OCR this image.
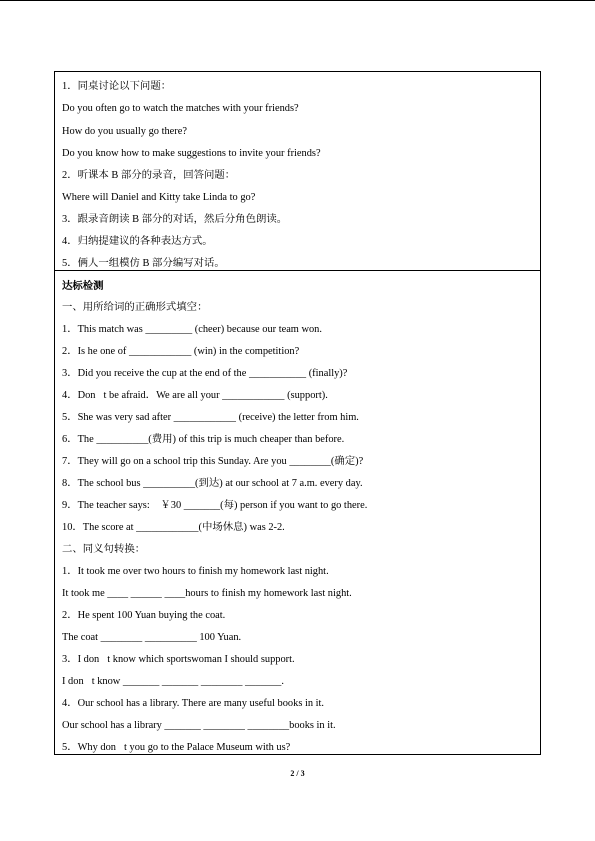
1．同桌讨论以下问题：
Do you often go to watch the matches with your friends?
How do you usually go there?
Do you know how to make suggestions to invite your friends?
2．听课本 B 部分的录音，回答问题：
Where will Daniel and Kitty take Linda to go?
3．跟录音朗读 B 部分的对话，然后分角色朗读。
4．归纳提建议的各种表达方式。
5．俩人一组模仿 B 部分编写对话。
达标检测
一、用所给词的正确形式填空：
1．This match was _________ (cheer) because our team won.
2．Is he one of ____________ (win) in the competition?
3．Did you receive the cup at the end of the ___________ (finally)?
4．Don t be afraid．We are all your ____________ (support).
5．She was very sad after ____________ (receive) the letter from him.
6．The __________(费用) of this trip is much cheaper than before.
7．They will go on a school trip this Sunday. Are you ________(确定)?
8．The school bus __________(到达) at our school at 7 a.m. every day.
9．The teacher says:  ￥30 _______(每) person if you want to go there. 
10．The score at ____________(中场休息) was 2-2.
二、同义句转换：
1．It took me over two hours to finish my homework last night.
It took me ____ ______ ____hours to finish my homework last night.
2．He spent 100 Yuan buying the coat.
The coat ________ __________ 100 Yuan.
3．I don t know which sportswoman I should support.
I don t know _______ _______ ________ _______.
4．Our school has a library. There are many useful books in it.
Our school has a library _______ ________ ________books in it.
5．Why don t you go to the Palace Museum with us?
2 / 3
